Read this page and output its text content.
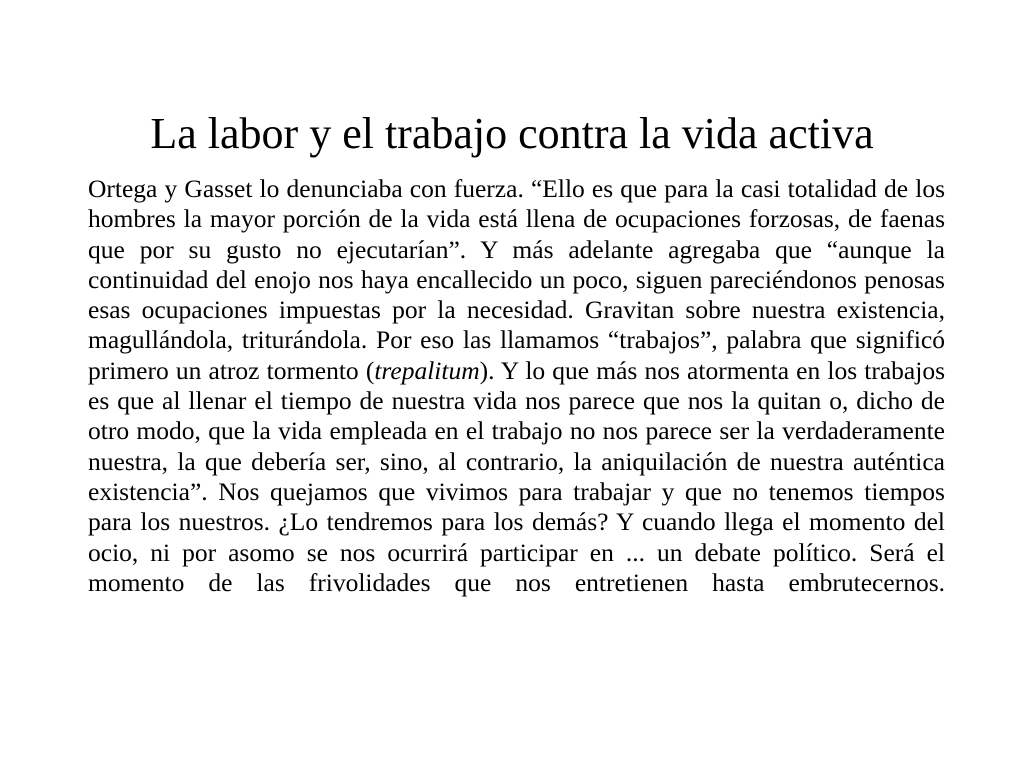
La labor y el trabajo contra la vida activa

Ortega y Gasset lo denunciaba con fuerza. “Ello es que para la casi totalidad de los hombres la mayor porción de la vida está llena de ocupaciones forzosas, de faenas que por su gusto no ejecutarían”. Y más adelante agregaba que “aunque la continuidad del enojo nos haya encallecido un poco, siguen pareciéndonos penosas esas ocupaciones impuestas por la necesidad. Gravitan sobre nuestra existencia, magullándola, triturándola. Por eso las llamamos “trabajos”, palabra que significó primero un atroz tormento (trepalitum). Y lo que más nos atormenta en los trabajos es que al llenar el tiempo de nuestra vida nos parece que nos la quitan o, dicho de otro modo, que la vida empleada en el trabajo no nos parece ser la verdaderamente nuestra, la que debería ser, sino, al contrario, la aniquilación de nuestra auténtica existencia”. Nos quejamos que vivimos para trabajar y que no tenemos tiempos para los nuestros. ¿Lo tendremos para los demás? Y cuando llega el momento del ocio, ni por asomo se nos ocurrirá participar en ... un debate político. Será el momento de las frivolidades que nos entretienen hasta embrutecernos.
